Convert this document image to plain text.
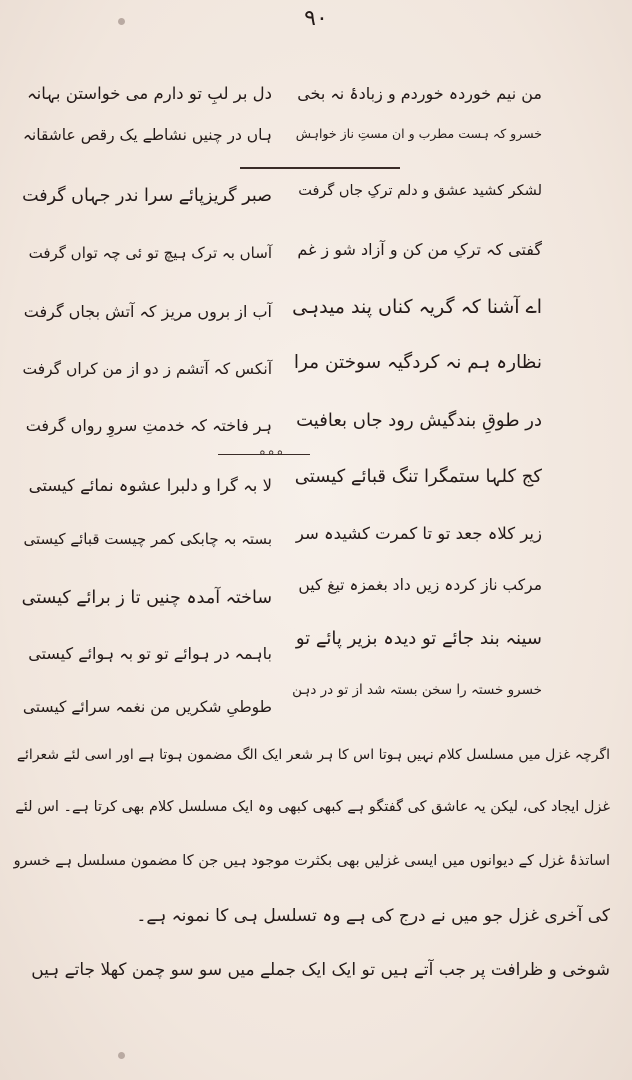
۹۰
من نیم خوردہ خوردم و زبادۂ نہ بخی
دل بر لبِ تو دارم می خواستن بہانہ
خسرو کہ ہست مطرب و ان مستِ ناز خواہش
ہاں در چنیں نشاطے یک رقص عاشقانہ
لشکر کشید عشق و دلم ترکِ جاں گرفت
صبر گریزپائے سرا ندر جہاں گرفت
گفتی کہ ترکِ من کن و آزاد شو ز غم
آساں بہ ترک ہیچ تو ئی چہ تواں گرفت
اے آشنا کہ گریہ کناں پند میدہی
آب از بروں مریز کہ آتش بجاں گرفت
نظارہ ہم نہ کردگیہ سوختن مرا
آنکس کہ آتشم ز دو از من کراں گرفت
در طوقِ بندگیش رود جاں بعافیت
ہر فاختہ کہ خدمتِ سروِ رواں گرفت
∘∘∘
کج کلہا ستمگرا تنگ قبائے کیستی
لا بہ گرا و دلبرا عشوہ نمائے کیستی
زیر کلاہ جعد تو تا کمرت کشیدہ سر
بستہ بہ چابکی کمر چیست قبائے کیستی
مرکب ناز کردہ زیں داد بغمزہ تیغ کیں
ساختہ آمدہ چنیں تا ز برائے کیستی
سینہ بند جائے تو دیدہ بزیر پائے تو
باہمہ در ہوائے تو تو بہ ہوائے کیستی
خسرو خستہ را سخن بستہ شد از تو در دہن
طوطیِ شکریں من نغمہ سرائے کیستی
اگرچہ غزل میں مسلسل کلام نہیں ہوتا اس کا ہر شعر ایک الگ مضمون ہوتا ہے اور اسی لئے شعرائے
غزل ایجاد کی، لیکن یہ عاشق کی گفتگو ہے کبھی کبھی وہ ایک مسلسل کلام بھی کرتا ہے۔ اس لئے
اساتذۂ غزل کے دیوانوں میں ایسی غزلیں بھی بکثرت موجود ہیں جن کا مضمون مسلسل ہے خسرو
کی آخری غزل جو میں نے درج کی ہے وہ تسلسل ہی کا نمونہ ہے۔
شوخی و ظرافت پر جب آتے ہیں تو ایک ایک جملے میں سو سو چمن کھلا جاتے ہیں
